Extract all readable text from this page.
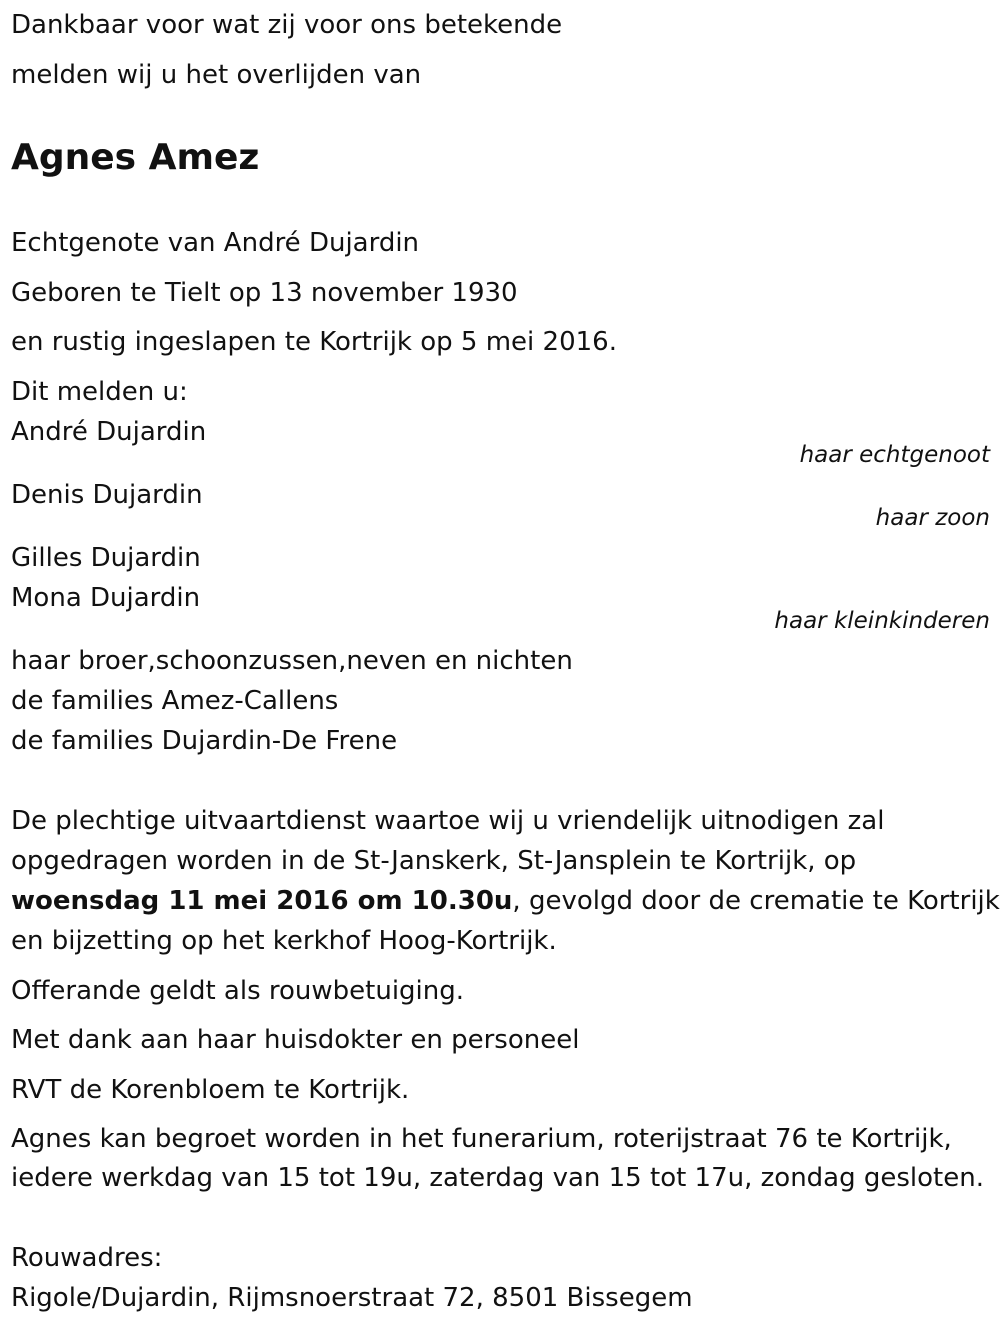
Dankbaar voor wat zij voor ons betekende

melden wij u het overlijden van

Agnes Amez

Echtgenote van André Dujardin

Geboren te Tielt op 13 november 1930

en rustig ingeslapen te Kortrijk op 5 mei 2016.

Dit melden u:

André Dujardin

haar echtgenoot

Denis Dujardin

haar zoon

Gilles Dujardin

Mona Dujardin

haar kleinkinderen

haar broer,schoonzussen,neven en nichten

de families Amez-Callens

de families Dujardin-De Frene

De plechtige uitvaartdienst waartoe wij u vriendelijk uitnodigen zal

opgedragen worden in de St-Janskerk, St-Jansplein te Kortrijk, op

woensdag 11 mei 2016 om 10.30u, gevolgd door de crematie te Kortrijk

en bijzetting op het kerkhof Hoog-Kortrijk.

Offerande geldt als rouwbetuiging.

Met dank aan haar huisdokter en personeel

RVT de Korenbloem te Kortrijk.

Agnes kan begroet worden in het funerarium, roterijstraat 76 te Kortrijk,

iedere werkdag van 15 tot 19u, zaterdag van 15 tot 17u, zondag gesloten.

Rouwadres:

Rigole/Dujardin, Rijmsnoerstraat 72, 8501 Bissegem
